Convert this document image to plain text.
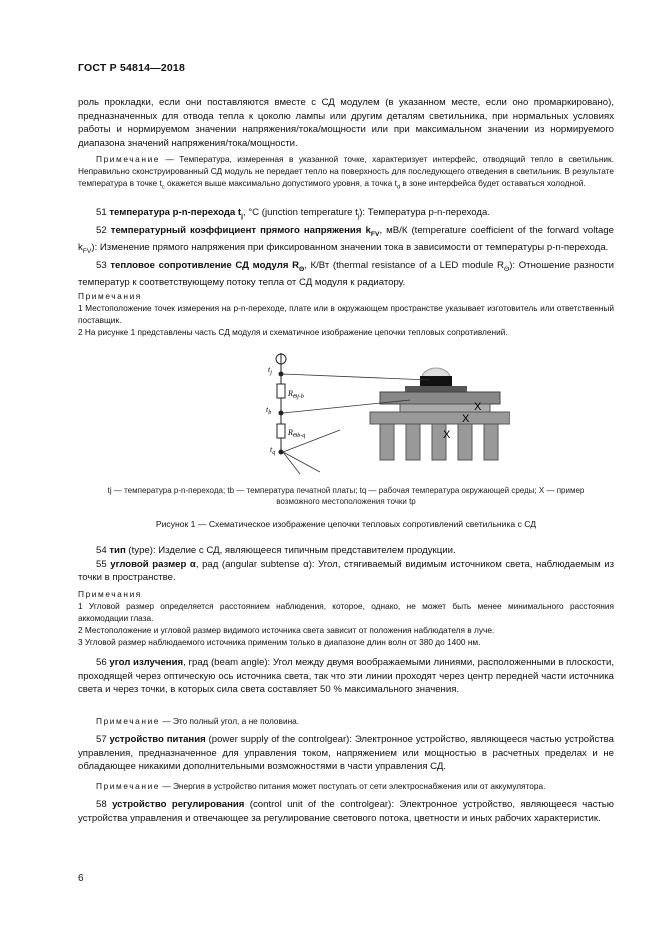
ГОСТ Р 54814—2018

роль прокладки, если они поставляются вместе с СД модулем (в указанном месте, если оно промаркировано), предназначенных для отвода тепла к цоколю лампы или другим деталям светильника, при нормальных условиях работы и нормируемом значении напряжения/тока/мощности или при максимальном значении из нормируемого диапазона значений напряжения/тока/мощности.

Примечание — Температура, измеренная в указанной точке, характеризует интерфейс, отводящий тепло в светильник. Неправильно сконструированный СД модуль не передает тепло на поверхность для последующего отведения в светильник. В результате температура в точке $t_с$ окажется выше максимально допустимого уровня, а точка $t_d$ в зоне интерфейса будет оставаться холодной.

51 температура p-n-перехода $t_j$, °С (junction temperature $t_j$): Температура p-n-перехода.

52 температурный коэффициент прямого напряжения $k_{FV}$, мВ/К (temperature coefficient of the forward voltage $k_{FV}$): Изменение прямого напряжения при фиксированном значении тока в зависимости от температуры p-n-перехода.

53 тепловое сопротивление СД модуля $R_\Theta$, К/Вт (thermal resistance of a LED module $R_\Theta$): Отношение разности температур к соответствующему потоку тепла от СД модуля к радиатору.

Примечания

1 Местоположение точек измерения на p-n-переходе, плате или в окружающем пространстве указывает изготовитель или ответственный поставщик.

2 На рисунке 1 представлены часть СД модуля и схематичное изображение цепочки тепловых сопротивлений.

$t_j$
$t_b$
$t_q$
$R_{\Theta j-b}$
$R_{\Theta b-q}$
X
X
X

tj — температура p-n-перехода; tb — температура печатной платы; tq — рабочая температура окружающей среды; X — пример

возможного местоположения точки tp

Рисунок 1 — Схематическое изображение цепочки тепловых сопротивлений светильника с СД

54 тип (type): Изделие с СД, являющееся типичным представителем продукции.

55 угловой размер α, рад (angular subtense α): Угол, стягиваемый видимым источником света, наблюдаемым из точки в пространстве.

Примечания

1 Угловой размер определяется расстоянием наблюдения, которое, однако, не может быть менее минимального расстояния аккомодации глаза.

2 Местоположение и угловой размер видимого источника света зависит от положения наблюдателя в луче.

3 Угловой размер наблюдаемого источника применим только в диапазоне длин волн от 380 до 1400 нм.

56 угол излучения, град (beam angle): Угол между двумя воображаемыми линиями, расположенными в плоскости, проходящей через оптическую ось источника света, так что эти линии проходят через центр передней части источника света и через точки, в которых сила света составляет 50 % максимального значения.

Примечание — Это полный угол, а не половина.

57 устройство питания (power supply of the controlgear): Электронное устройство, являющееся частью устройства управления, предназначенное для управления током, напряжением или мощностью в расчетных пределах и не обладающее никакими дополнительными возможностями в части управления СД.

Примечание — Энергия в устройство питания может поступать от сети электроснабжения или от аккумулятора.

58 устройство регулирования (control unit of the controlgear): Электронное устройство, являющееся частью устройства управления и отвечающее за регулирование светового потока, цветности и иных рабочих характеристик.

6
